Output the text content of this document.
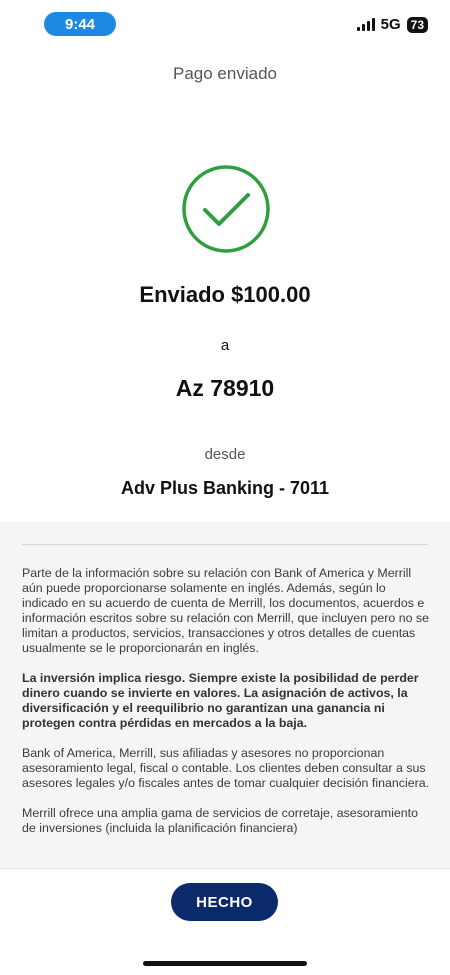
9:44	5G 73
Pago enviado
Enviado $100.00
a
Az 78910
desde
Adv Plus Banking - 7011

Parte de la información sobre su relación con Bank of America y Merrill aún puede proporcionarse solamente en inglés. Además, según lo indicado en su acuerdo de cuenta de Merrill, los documentos, acuerdos e información escritos sobre su relación con Merrill, que incluyen pero no se limitan a productos, servicios, transacciones y otros detalles de cuentas usualmente se le proporcionarán en inglés.

La inversión implica riesgo. Siempre existe la posibilidad de perder dinero cuando se invierte en valores. La asignación de activos, la diversificación y el reequilibrio no garantizan una ganancia ni protegen contra pérdidas en mercados a la baja.

Bank of America, Merrill, sus afiliadas y asesores no proporcionan asesoramiento legal, fiscal o contable. Los clientes deben consultar a sus asesores legales y/o fiscales antes de tomar cualquier decisión financiera.

Merrill ofrece una amplia gama de servicios de corretaje, asesoramiento de inversiones (incluida la planificación financiera)

HECHO
